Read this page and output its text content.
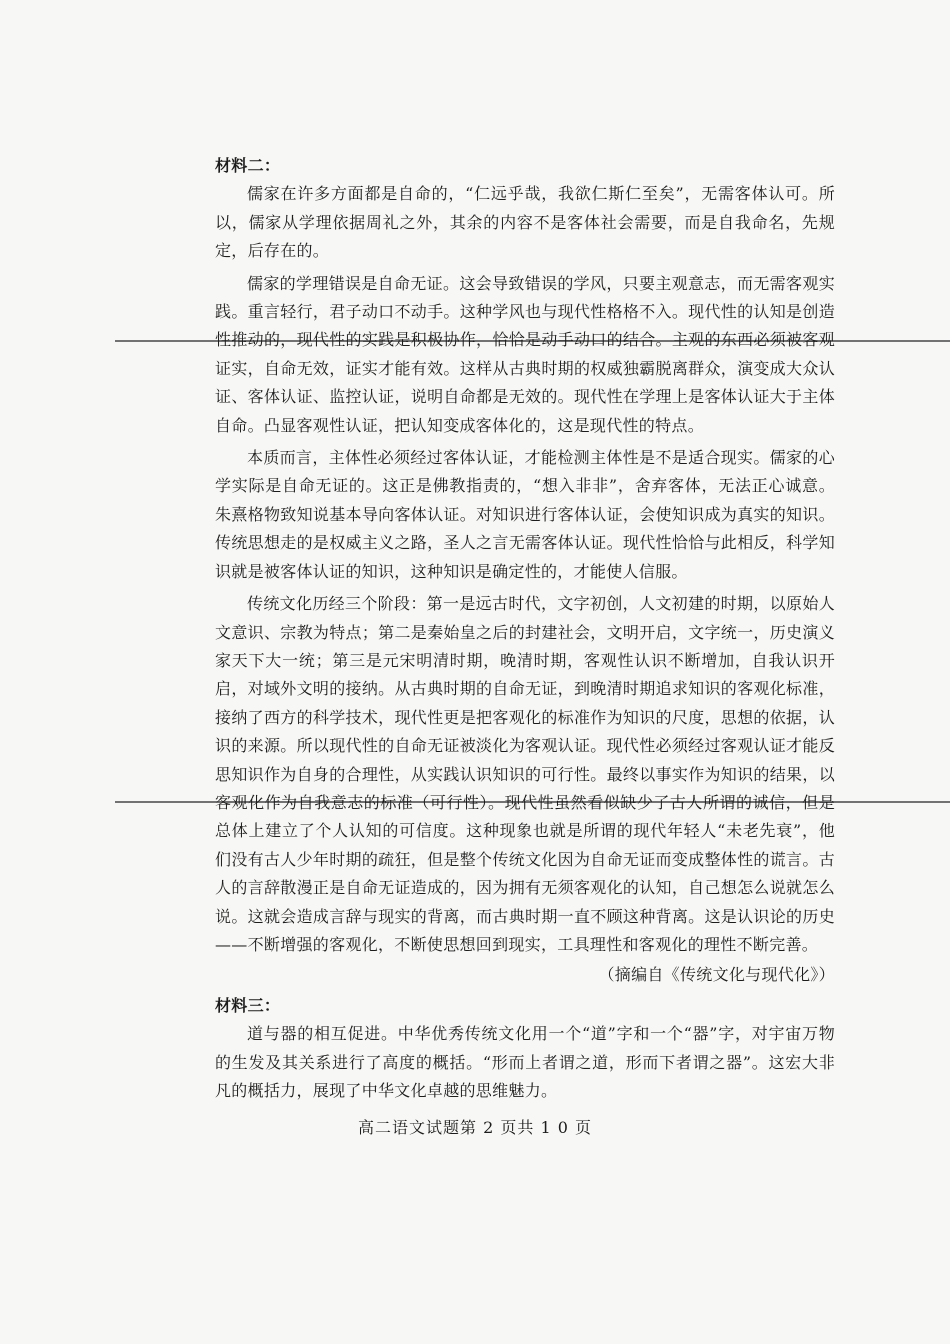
材料二：

儒家在许多方面都是自命的，“仁远乎哉，我欲仁斯仁至矣”，无需客体认可。所以，儒家从学理依据周礼之外，其余的内容不是客体社会需要，而是自我命名，先规定，后存在的。

儒家的学理错误是自命无证。这会导致错误的学风，只要主观意志，而无需客观实践。重言轻行，君子动口不动手。这种学风也与现代性格格不入。现代性的认知是创造性推动的，现代性的实践是积极协作，恰恰是动手动口的结合。主观的东西必须被客观证实，自命无效，证实才能有效。这样从古典时期的权威独霸脱离群众，演变成大众认证、客体认证、监控认证，说明自命都是无效的。现代性在学理上是客体认证大于主体自命。凸显客观性认证，把认知变成客体化的，这是现代性的特点。

本质而言，主体性必须经过客体认证，才能检测主体性是不是适合现实。儒家的心学实际是自命无证的。这正是佛教指责的，“想入非非”，舍弃客体，无法正心诚意。朱熹格物致知说基本导向客体认证。对知识进行客体认证，会使知识成为真实的知识。传统思想走的是权威主义之路，圣人之言无需客体认证。现代性恰恰与此相反，科学知识就是被客体认证的知识，这种知识是确定性的，才能使人信服。

传统文化历经三个阶段：第一是远古时代，文字初创，人文初建的时期，以原始人文意识、宗教为特点；第二是秦始皇之后的封建社会，文明开启，文字统一，历史演义家天下大一统；第三是元宋明清时期，晚清时期，客观性认识不断增加，自我认识开启，对域外文明的接纳。从古典时期的自命无证，到晚清时期追求知识的客观化标准，接纳了西方的科学技术，现代性更是把客观化的标准作为知识的尺度，思想的依据，认识的来源。所以现代性的自命无证被淡化为客观认证。现代性必须经过客观认证才能反思知识作为自身的合理性，从实践认识知识的可行性。最终以事实作为知识的结果，以客观化作为自我意志的标准（可行性）。现代性虽然看似缺少了古人所谓的诚信，但是总体上建立了个人认知的可信度。这种现象也就是所谓的现代年轻人“未老先衰”，他们没有古人少年时期的疏狂，但是整个传统文化因为自命无证而变成整体性的谎言。古人的言辞散漫正是自命无证造成的，因为拥有无须客观化的认知，自己想怎么说就怎么说。这就会造成言辞与现实的背离，而古典时期一直不顾这种背离。这是认识论的历史——不断增强的客观化，不断使思想回到现实，工具理性和客观化的理性不断完善。

（摘编自《传统文化与现代化》）

材料三：

道与器的相互促进。中华优秀传统文化用一个“道”字和一个“器”字，对宇宙万物的生发及其关系进行了高度的概括。“形而上者谓之道，形而下者谓之器”。这宏大非凡的概括力，展现了中华文化卓越的思维魅力。

高二语文试题第 2 页共 1 0 页
